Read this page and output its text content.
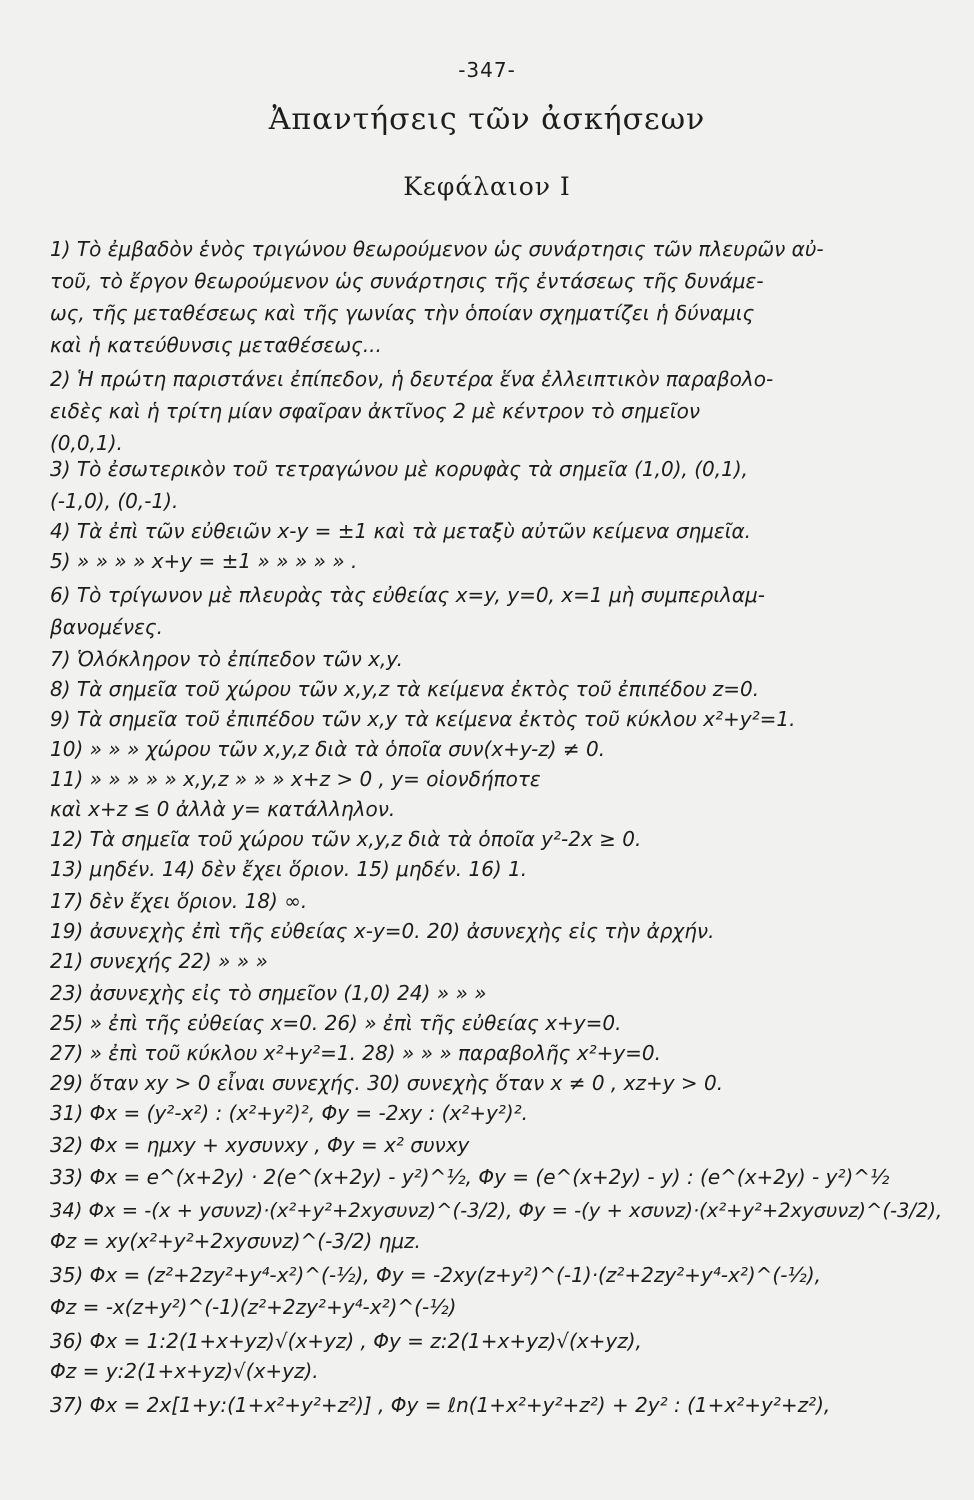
-347-
Ἀπαντήσεις τῶν ἀσκήσεων
Κεφάλαιον Ι
1) Τὸ ἐμβαδὸν ἑνὸς τριγώνου θεωρούμενον ὡς συνάρτησις τῶν πλευρῶν αὐ-
τοῦ, τὸ ἔργον θεωρούμενον ὡς συνάρτησις τῆς ἐντάσεως τῆς δυνάμε-
ως, τῆς μεταθέσεως καὶ τῆς γωνίας τὴν ὁποίαν σχηματίζει ἡ δύναμις
καὶ ἡ κατεύθυνσις μεταθέσεως...
2) Ἡ πρώτη παριστάνει ἐπίπεδον, ἡ δευτέρα ἕνα ἐλλειπτικὸν παραβολο-
ειδὲς καὶ ἡ τρίτη μίαν σφαῖραν ἀκτῖνος 2 μὲ κέντρον τὸ σημεῖον
(0,0,1).
3) Τὸ ἐσωτερικὸν τοῦ τετραγώνου μὲ κορυφὰς τὰ σημεῖα (1,0), (0,1),
(-1,0), (0,-1).
4) Τὰ ἐπὶ τῶν εὐθειῶν x-y = ±1 καὶ τὰ μεταξὺ αὐτῶν κείμενα σημεῖα.
5) » » » » x+y = ±1 » » » » » .
6) Τὸ τρίγωνον μὲ πλευρὰς τὰς εὐθείας x=y, y=0, x=1 μὴ συμπεριλαμ-
βανομένες.
7) Ὁλόκληρον τὸ ἐπίπεδον τῶν x,y.
8) Τὰ σημεῖα τοῦ χώρου τῶν x,y,z τὰ κείμενα ἐκτὸς τοῦ ἐπιπέδου z=0.
9) Τὰ σημεῖα τοῦ ἐπιπέδου τῶν x,y τὰ κείμενα ἐκτὸς τοῦ κύκλου x²+y²=1.
10) » » » χώρου τῶν x,y,z διὰ τὰ ὁποῖα συν(x+y-z) ≠ 0.
11) » » » » » x,y,z » » » x+z > 0 , y= οἱονδήποτε
καὶ x+z ≤ 0 ἀλλὰ y= κατάλληλον.
12) Τὰ σημεῖα τοῦ χώρου τῶν x,y,z διὰ τὰ ὁποῖα y²-2x ≥ 0.
13) μηδέν. 14) δὲν ἔχει ὅριον. 15) μηδέν. 16) 1.
17) δὲν ἔχει ὅριον. 18) ∞.
19) ἀσυνεχὴς ἐπὶ τῆς εὐθείας x-y=0. 20) ἀσυνεχὴς εἰς τὴν ἀρχήν.
21) συνεχής 22) » » »
23) ἀσυνεχὴς εἰς τὸ σημεῖον (1,0) 24) » » »
25) » ἐπὶ τῆς εὐθείας x=0. 26) » ἐπὶ τῆς εὐθείας x+y=0.
27) » ἐπὶ τοῦ κύκλου x²+y²=1. 28) » » » παραβολῆς x²+y=0.
29) ὅταν xy > 0 εἶναι συνεχής. 30) συνεχὴς ὅταν x ≠ 0 , xz+y > 0.
31) Φx = (y²-x²) : (x²+y²)², Φy = -2xy : (x²+y²)².
32) Φx = ημxy + xyσυνxy , Φy = x² συνxy
33) Φx = e^(x+2y) · 2(e^(x+2y) - y²)^½, Φy = (e^(x+2y) - y) : (e^(x+2y) - y²)^½
34) Φx = -(x + yσυνz)·(x²+y²+2xyσυνz)^(-3/2), Φy = -(y + xσυνz)·(x²+y²+2xyσυνz)^(-3/2),
Φz = xy(x²+y²+2xyσυνz)^(-3/2) ημz.
35) Φx = (z²+2zy²+y⁴-x²)^(-½), Φy = -2xy(z+y²)^(-1)·(z²+2zy²+y⁴-x²)^(-½),
Φz = -x(z+y²)^(-1)(z²+2zy²+y⁴-x²)^(-½)
36) Φx = 1:2(1+x+yz)√(x+yz) , Φy = z:2(1+x+yz)√(x+yz),
Φz = y:2(1+x+yz)√(x+yz).
37) Φx = 2x[1+y:(1+x²+y²+z²)] , Φy = ℓn(1+x²+y²+z²) + 2y² : (1+x²+y²+z²),
